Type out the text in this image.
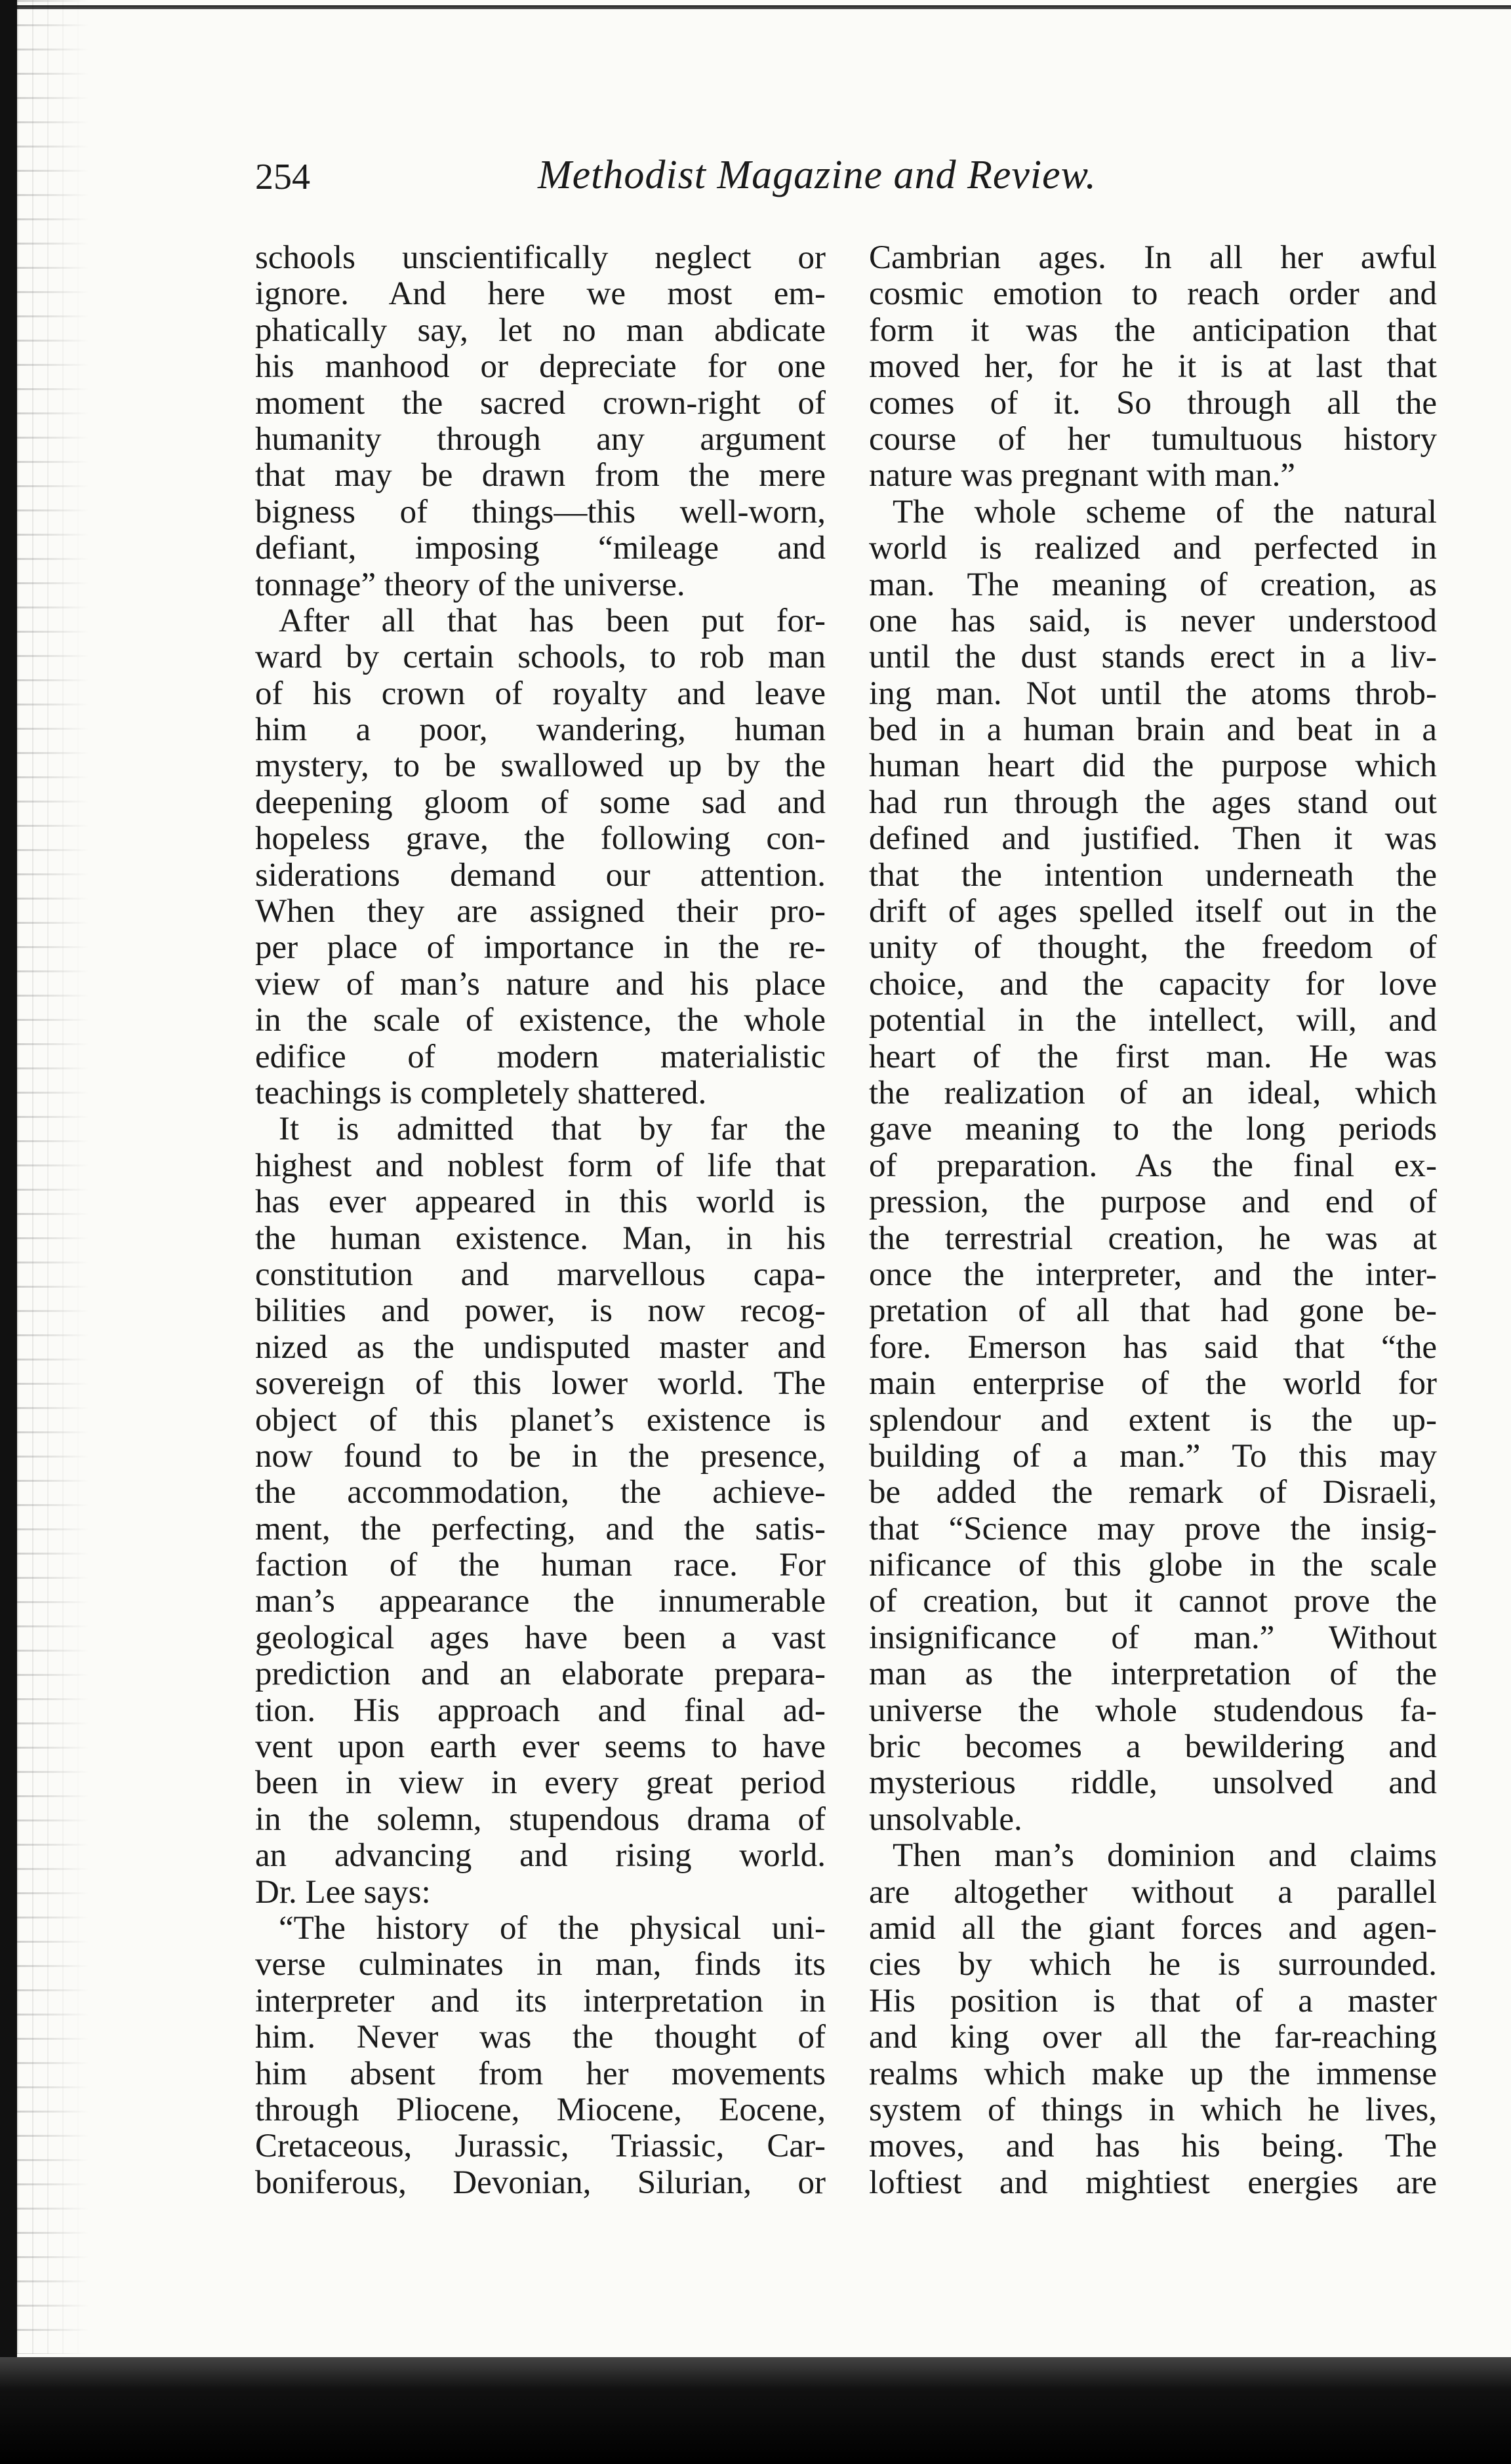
254	Methodist Magazine and Review.
schools unscientifically neglect or
ignore. And here we most em-
phatically say, let no man abdicate
his manhood or depreciate for one
moment the sacred crown-right of
humanity through any argument
that may be drawn from the mere
bigness of things—this well-worn,
defiant, imposing “mileage and
tonnage” theory of the universe.
After all that has been put for-
ward by certain schools, to rob man
of his crown of royalty and leave
him a poor, wandering, human
mystery, to be swallowed up by the
deepening gloom of some sad and
hopeless grave, the following con-
siderations demand our attention.
When they are assigned their pro-
per place of importance in the re-
view of man’s nature and his place
in the scale of existence, the whole
edifice of modern materialistic
teachings is completely shattered.
It is admitted that by far the
highest and noblest form of life that
has ever appeared in this world is
the human existence. Man, in his
constitution and marvellous capa-
bilities and power, is now recog-
nized as the undisputed master and
sovereign of this lower world. The
object of this planet’s existence is
now found to be in the presence,
the accommodation, the achieve-
ment, the perfecting, and the satis-
faction of the human race. For
man’s appearance the innumerable
geological ages have been a vast
prediction and an elaborate prepara-
tion. His approach and final ad-
vent upon earth ever seems to have
been in view in every great period
in the solemn, stupendous drama of
an advancing and rising world.
Dr. Lee says:
“The history of the physical uni-
verse culminates in man, finds its
interpreter and its interpretation in
him. Never was the thought of
him absent from her movements
through Pliocene, Miocene, Eocene,
Cretaceous, Jurassic, Triassic, Car-
boniferous, Devonian, Silurian, or
Cambrian ages. In all her awful
cosmic emotion to reach order and
form it was the anticipation that
moved her, for he it is at last that
comes of it. So through all the
course of her tumultuous history
nature was pregnant with man.”
The whole scheme of the natural
world is realized and perfected in
man. The meaning of creation, as
one has said, is never understood
until the dust stands erect in a liv-
ing man. Not until the atoms throb-
bed in a human brain and beat in a
human heart did the purpose which
had run through the ages stand out
defined and justified. Then it was
that the intention underneath the
drift of ages spelled itself out in the
unity of thought, the freedom of
choice, and the capacity for love
potential in the intellect, will, and
heart of the first man. He was
the realization of an ideal, which
gave meaning to the long periods
of preparation. As the final ex-
pression, the purpose and end of
the terrestrial creation, he was at
once the interpreter, and the inter-
pretation of all that had gone be-
fore. Emerson has said that “the
main enterprise of the world for
splendour and extent is the up-
building of a man.” To this may
be added the remark of Disraeli,
that “Science may prove the insig-
nificance of this globe in the scale
of creation, but it cannot prove the
insignificance of man.” Without
man as the interpretation of the
universe the whole studendous fa-
bric becomes a bewildering and
mysterious riddle, unsolved and
unsolvable.
Then man’s dominion and claims
are altogether without a parallel
amid all the giant forces and agen-
cies by which he is surrounded.
His position is that of a master
and king over all the far-reaching
realms which make up the immense
system of things in which he lives,
moves, and has his being. The
loftiest and mightiest energies are
